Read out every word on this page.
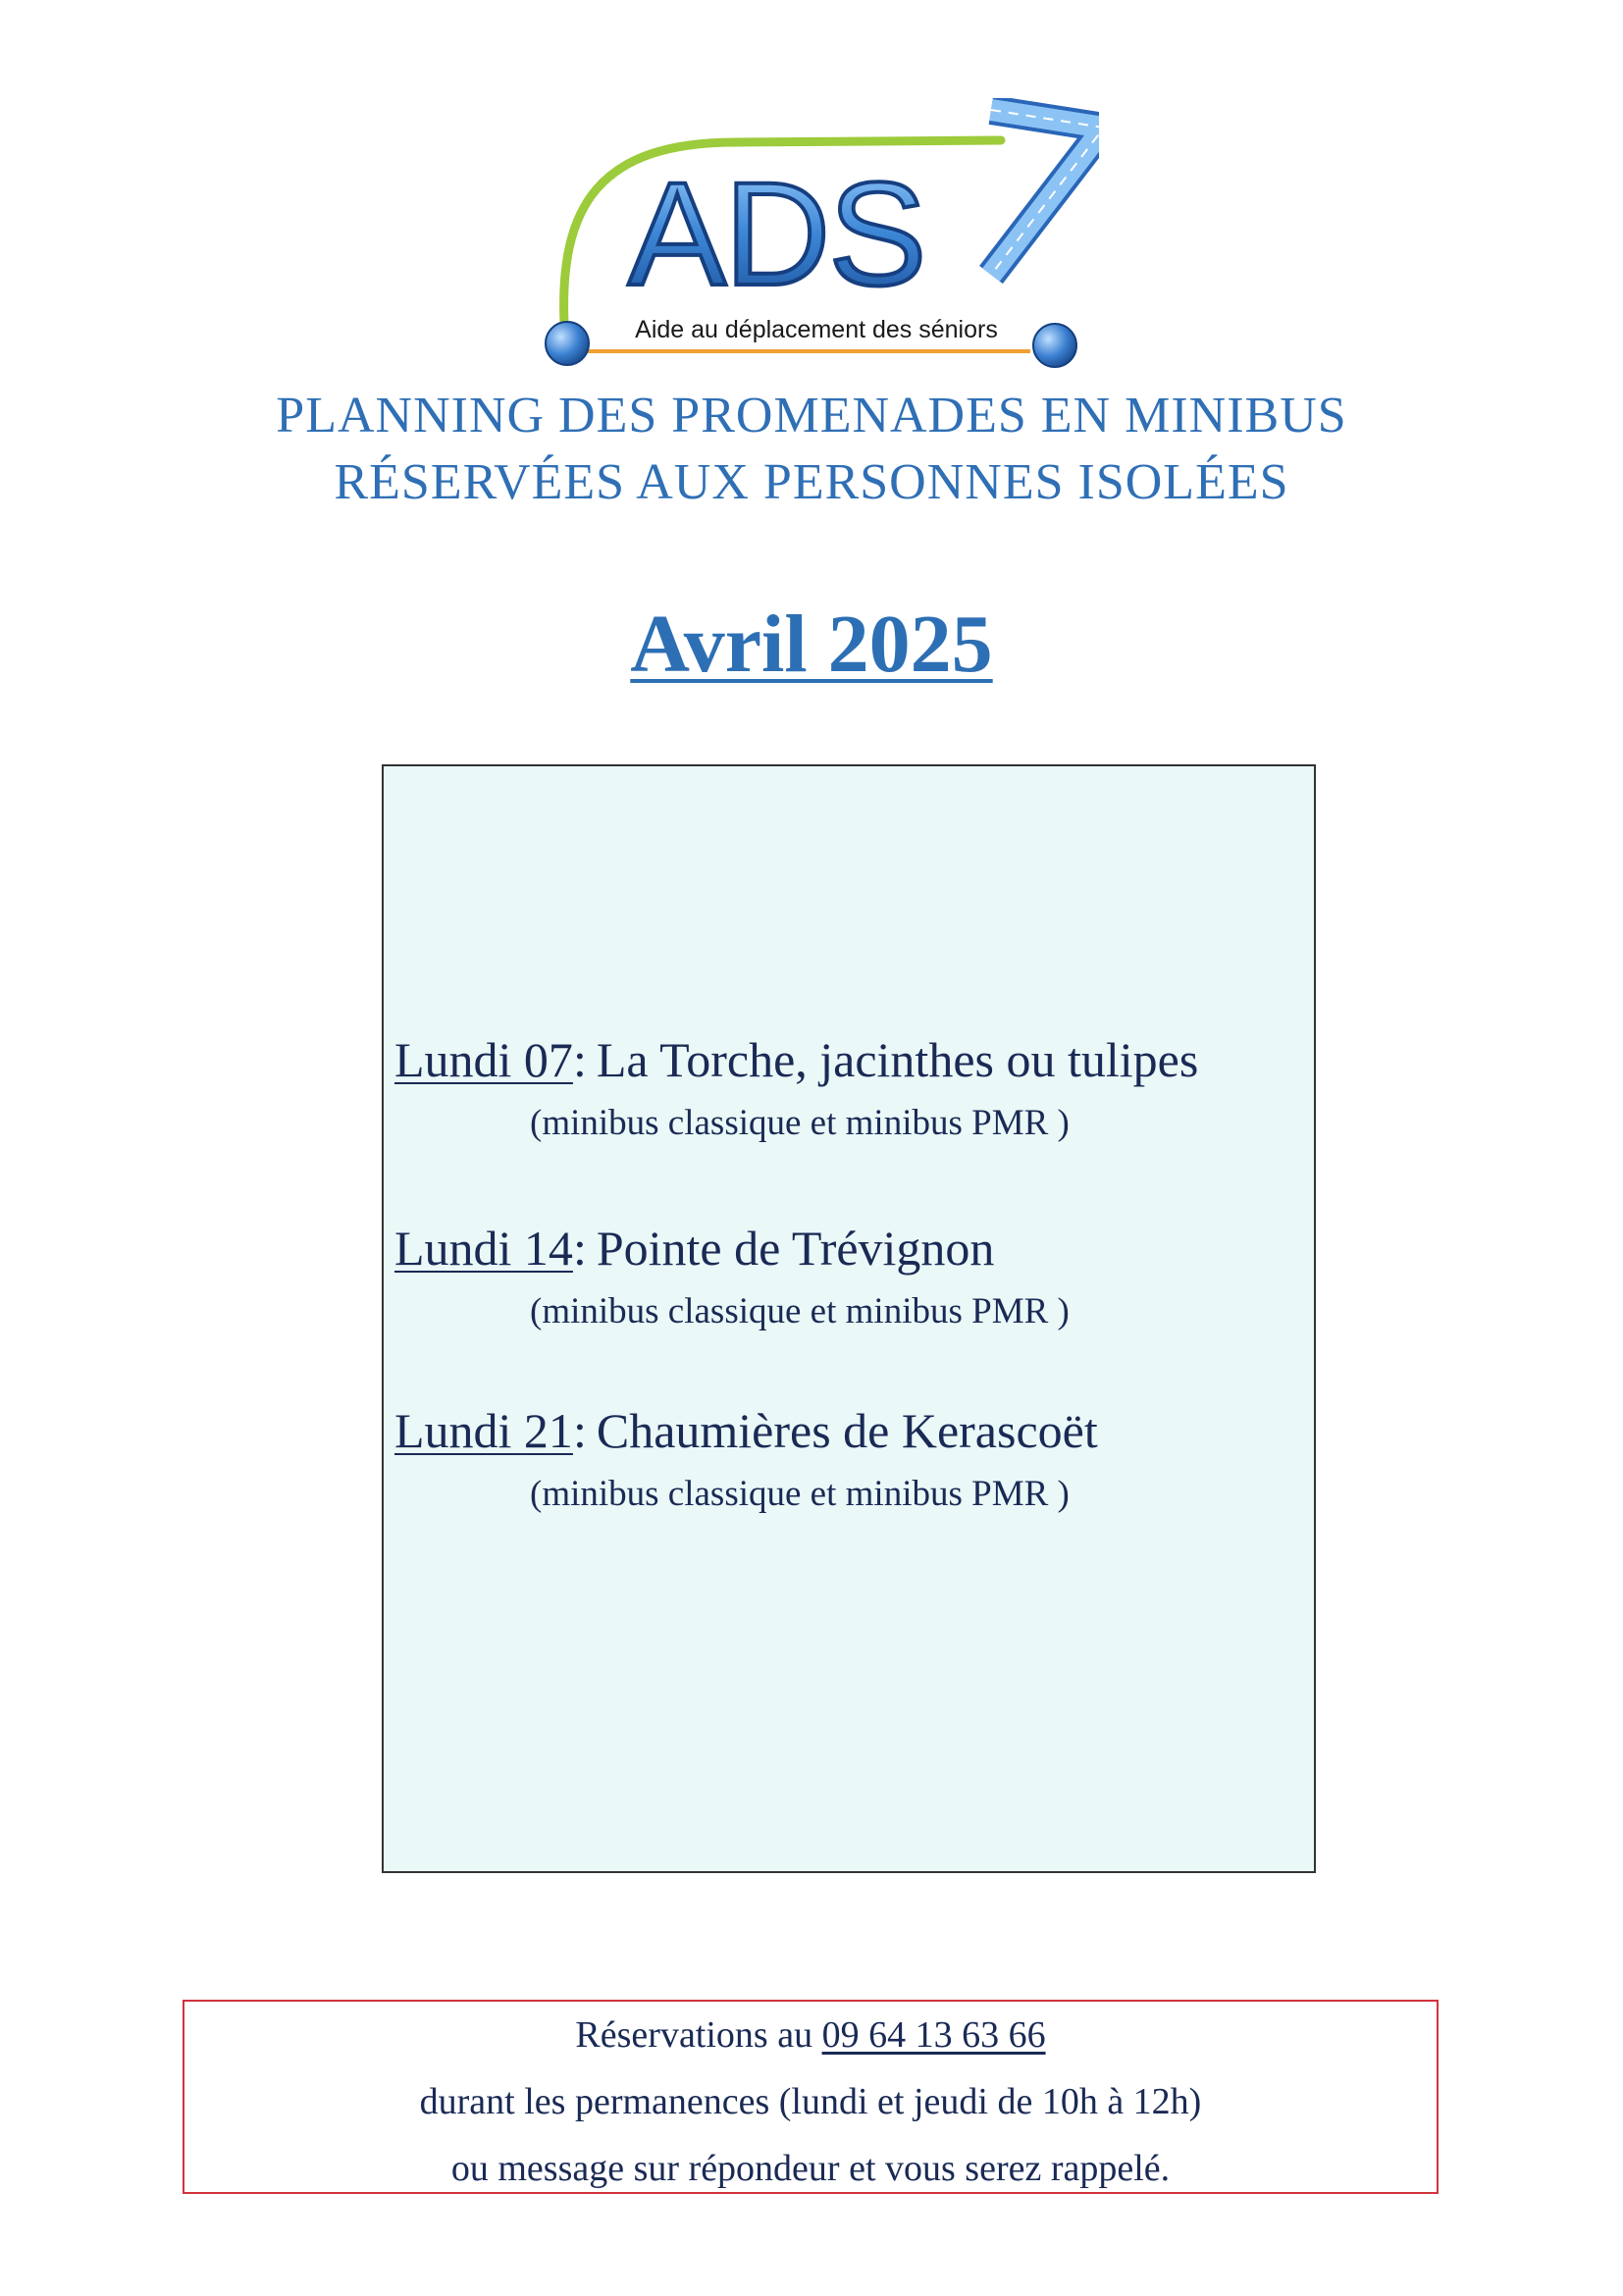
ADS
Aide au déplacement des séniors
PLANNING DES PROMENADES EN MINIBUS
RÉSERVÉES AUX PERSONNES ISOLÉES
Avril 2025
Lundi 07: La Torche, jacinthes ou tulipes
(minibus classique et minibus PMR )
Lundi 14: Pointe de Trévignon
(minibus classique et minibus PMR )
Lundi 21: Chaumières de Kerascoët
(minibus classique et minibus PMR )
Réservations au 09 64 13 63 66
durant les permanences (lundi et jeudi de 10h à 12h)
ou message sur répondeur et vous serez rappelé.
